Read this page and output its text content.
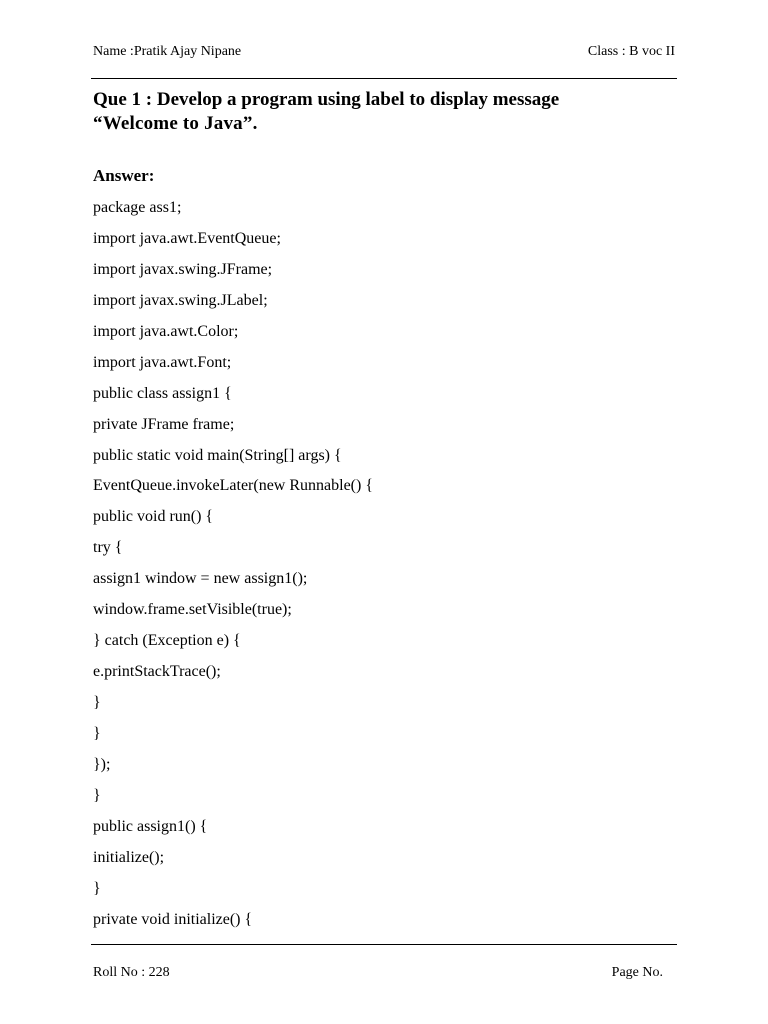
Name :Pratik Ajay Nipane	Class : B voc II
Que 1 : Develop a program using label to display message
“Welcome to Java”.
Answer:
package ass1;
import java.awt.EventQueue;
import javax.swing.JFrame;
import javax.swing.JLabel;
import java.awt.Color;
import java.awt.Font;
public class assign1 {
private JFrame frame;
public static void main(String[] args) {
EventQueue.invokeLater(new Runnable() {
public void run() {
try {
assign1 window = new assign1();
window.frame.setVisible(true);
} catch (Exception e) {
e.printStackTrace();
}
}
});
}
public assign1() {
initialize();
}
private void initialize() {
Roll No : 228	Page No.
